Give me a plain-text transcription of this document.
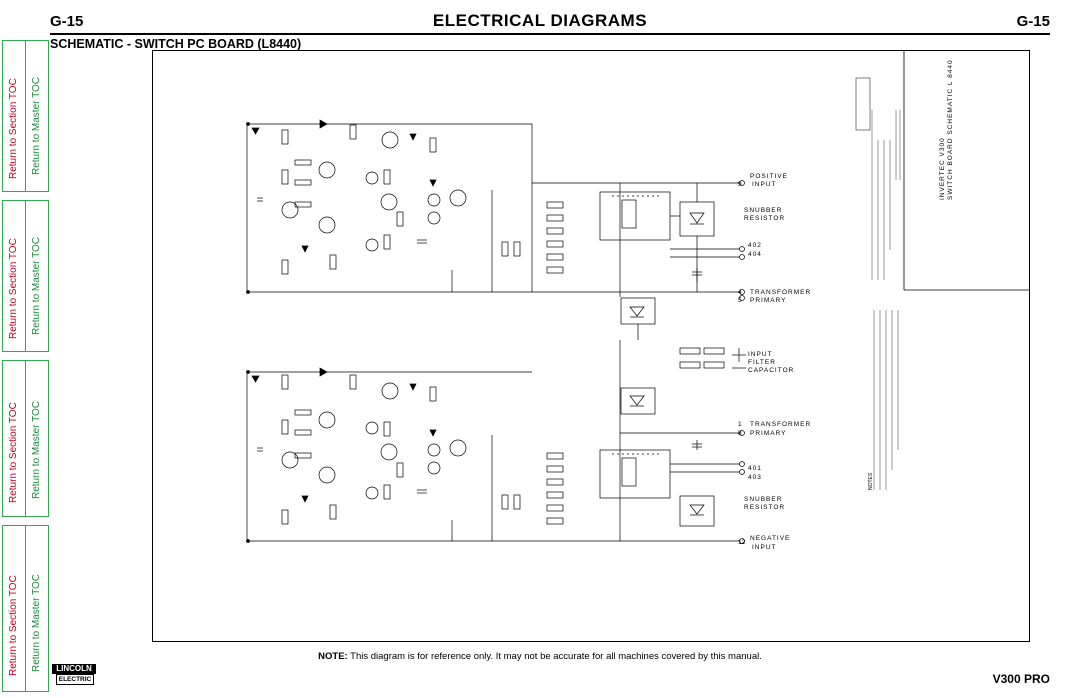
G-15	ELECTRICAL DIAGRAMS	G-15
SCHEMATIC - SWITCH PC BOARD (L8440)
Return to Section TOC Return to Master TOC
Return to Section TOC Return to Master TOC
Return to Section TOC Return to Master TOC
Return to Section TOC Return to Master TOC
9
POSITIVE
INPUT
SNUBBER
RESISTOR
402
404
4 TRANSFORMER
5 PRIMARY
INPUT
FILTER
CAPACITOR
1 TRANSFORMER
8 PRIMARY
401
403
SNUBBER
RESISTOR
12
NEGATIVE
INPUT
INVERTEC V300 SWITCH BOARD SCHEMATIC
L 8440
NOTES
NOTE: This diagram is for reference only. It may not be accurate for all machines covered by this manual.
LINCOLN
ELECTRIC	V300 PRO
